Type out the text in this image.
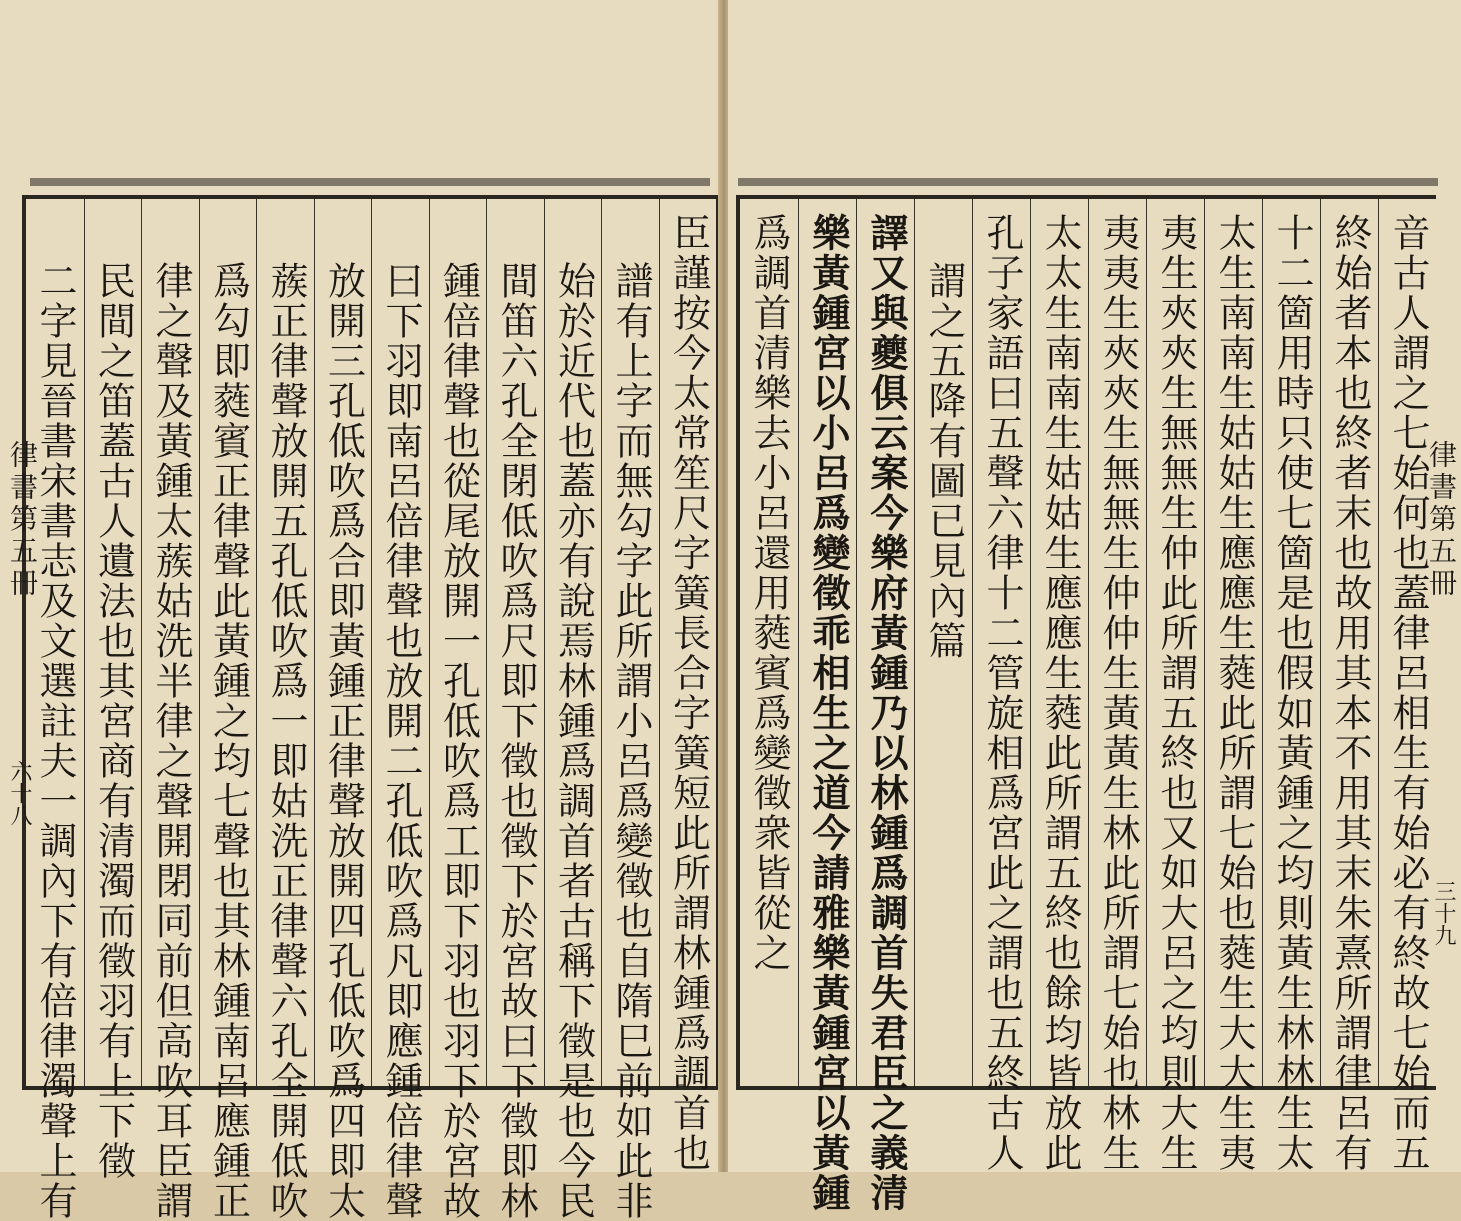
臣謹按今太常笙尺字簧長合字簧短此所謂林鍾爲調首也
譜有上字而無勾字此所謂小呂爲變徵也自隋巳前如此非
始於近代也蓋亦有說焉林鍾爲調首者古稱下徵是也今民
間笛六孔全閉低吹爲尺即下徵也徵下於宮故曰下徵即林
鍾倍律聲也從尾放開一孔低吹爲工即下羽也羽下於宮故
曰下羽即南呂倍律聲也放開二孔低吹爲凡即應鍾倍律聲
放開三孔低吹爲合即黃鍾正律聲放開四孔低吹爲四即太
蔟正律聲放開五孔低吹爲一即姑洗正律聲六孔全開低吹
爲勾即蕤賓正律聲此黃鍾之均七聲也其林鍾南呂應鍾正
律之聲及黃鍾太蔟姑洗半律之聲開閉同前但高吹耳臣謂
民間之笛蓋古人遺法也其宮商有清濁而徵羽有上下徵
二字見晉書宋書志及文選註夫一調內下有倍律濁聲上有
律書第五冊
六十八	音古人謂之七始何也蓋律呂相生有始必有終故七始而五
終始者本也終者末也故用其本不用其末朱熹所謂律呂有
十二箇用時只使七箇是也假如黃鍾之均則黃生林林生太
太生南南生姑姑生應應生蕤此所謂七始也蕤生大大生夷
夷生夾夾生無無生仲此所謂五終也又如大呂之均則大生
夷夷生夾夾生無無生仲仲生黃黃生林此所謂七始也林生
太太生南南生姑姑生應應生蕤此所謂五終也餘均皆放此
孔子家語曰五聲六律十二管旋相爲宮此之謂也五終古人
謂之五降有圖已見內篇
譯又與夔俱云案今樂府黃鍾乃以林鍾爲調首失君臣之義清
樂黃鍾宮以小呂爲變徵乖相生之道今請雅樂黃鍾宮以黃鍾
爲調首清樂去小呂還用蕤賓爲變徵衆皆從之	律書第五冊
三十九
